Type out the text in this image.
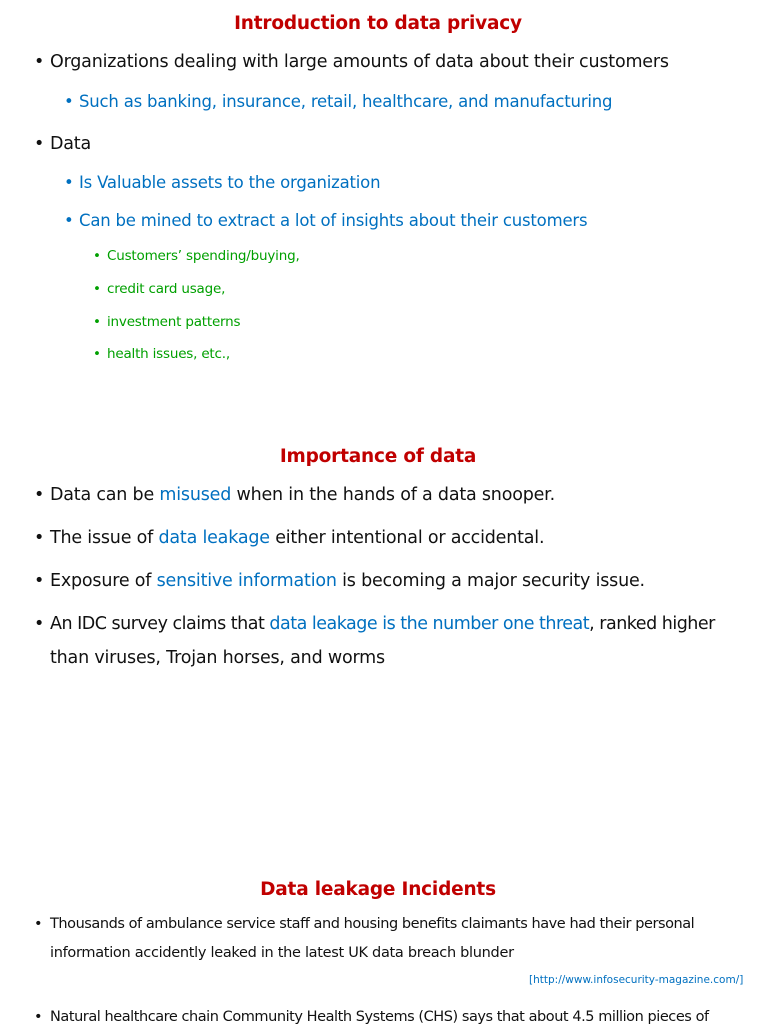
Introduction to data privacy
• Organizations dealing with large amounts of data about their customers
• Such as banking, insurance, retail, healthcare, and manufacturing
• Data
• Is Valuable assets to the organization
• Can be mined to extract a lot of insights about their customers
• Customers’ spending/buying,
• credit card usage,
• investment patterns
• health issues, etc.,
Importance of data
• Data can be misused when in the hands of a data snooper.
• The issue of data leakage either intentional or accidental.
• Exposure of sensitive information is becoming a major security issue.
• An IDC survey claims that data leakage is the number one threat, ranked higher
than viruses, Trojan horses, and worms
Data leakage Incidents
• Thousands of ambulance service staff and housing benefits claimants have had their personal
information accidently leaked in the latest UK data breach blunder
[http://www.infosecurity-magazine.com/]
• Natural healthcare chain Community Health Systems (CHS) says that about 4.5 million pieces of
